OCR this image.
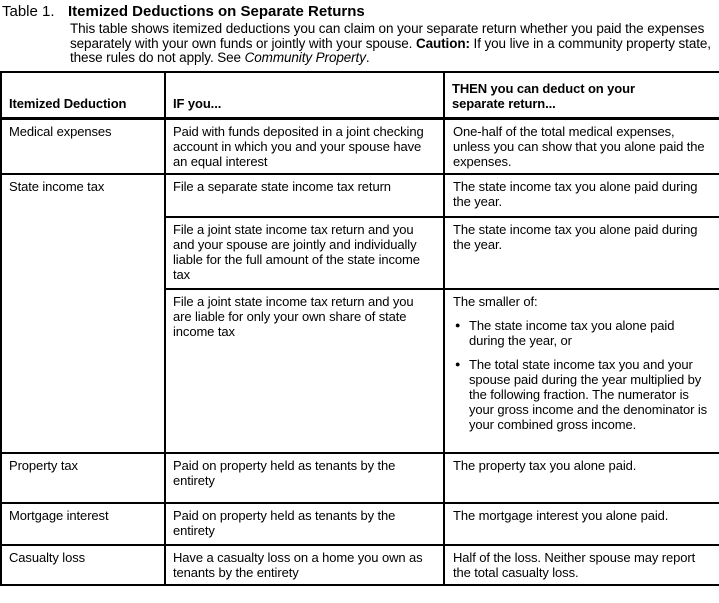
Table 1. Itemized Deductions on Separate Returns
This table shows itemized deductions you can claim on your separate return whether you paid the expenses separately with your own funds or jointly with your spouse. Caution: If you live in a community property state, these rules do not apply. See Community Property.
Itemized Deduction	IF you...	THEN you can deduct on your
separate return...

Medical expenses	Paid with funds deposited in a joint checking account in which you and your spouse have an equal interest	One-half of the total medical expenses, unless you can show that you alone paid the expenses.
State income tax	File a separate state income tax return	The state income tax you alone paid during the year.
	File a joint state income tax return and you and your spouse are jointly and individually liable for the full amount of the state income tax	The state income tax you alone paid during the year.
	File a joint state income tax return and you are liable for only your own share of state income tax	The smaller of:
● The state income tax you alone paid during the year, or
● The total state income tax you and your spouse paid during the year multiplied by the following fraction. The numerator is your gross income and the denominator is your combined gross income.

Property tax	Paid on property held as tenants by the entirety	The property tax you alone paid.
Mortgage interest	Paid on property held as tenants by the entirety	The mortgage interest you alone paid.
Casualty loss	Have a casualty loss on a home you own as tenants by the entirety	Half of the loss. Neither spouse may report the total casualty loss.
